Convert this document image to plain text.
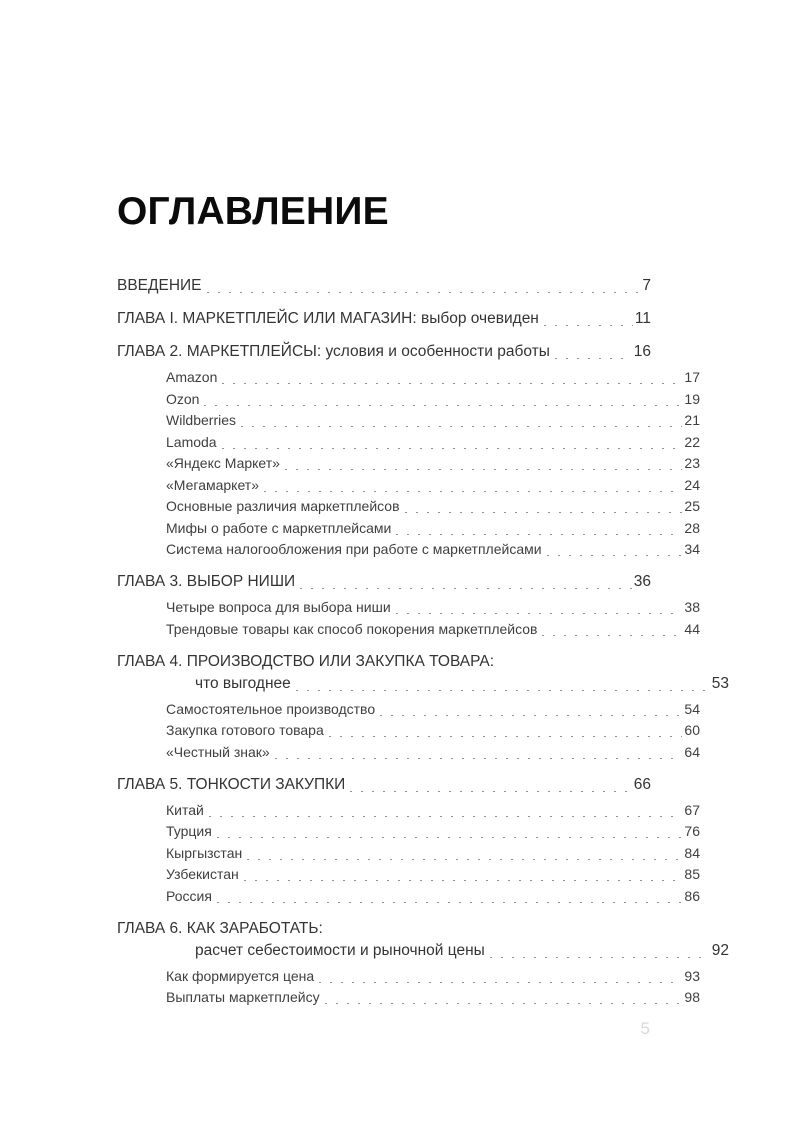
ОГЛАВЛЕНИЕ
ВВЕДЕНИЕ	7
ГЛАВА I. МАРКЕТПЛЕЙС ИЛИ МАГАЗИН: выбор очевиден	11
ГЛАВА 2. МАРКЕТПЛЕЙСЫ: условия и особенности работы	16
Amazon	17
Ozon	19
Wildberries	21
Lamoda	22
«Яндекс Маркет»	23
«Мегамаркет»	24
Основные различия маркетплейсов	25
Мифы о работе с маркетплейсами	28
Система налогообложения при работе с маркетплейсами	34
ГЛАВА 3. ВЫБОР НИШИ	36
Четыре вопроса для выбора ниши	38
Трендовые товары как способ покорения маркетплейсов	44
ГЛАВА 4. ПРОИЗВОДСТВО ИЛИ ЗАКУПКА ТОВАРА:
что выгоднее	53
Самостоятельное производство	54
Закупка готового товара	60
«Честный знак»	64
ГЛАВА 5. ТОНКОСТИ ЗАКУПКИ	66
Китай	67
Турция	76
Кыргызстан	84
Узбекистан	85
Россия	86
ГЛАВА 6. КАК ЗАРАБОТАТЬ:
расчет себестоимости и рыночной цены	92
Как формируется цена	93
Выплаты маркетплейсу	98
5
